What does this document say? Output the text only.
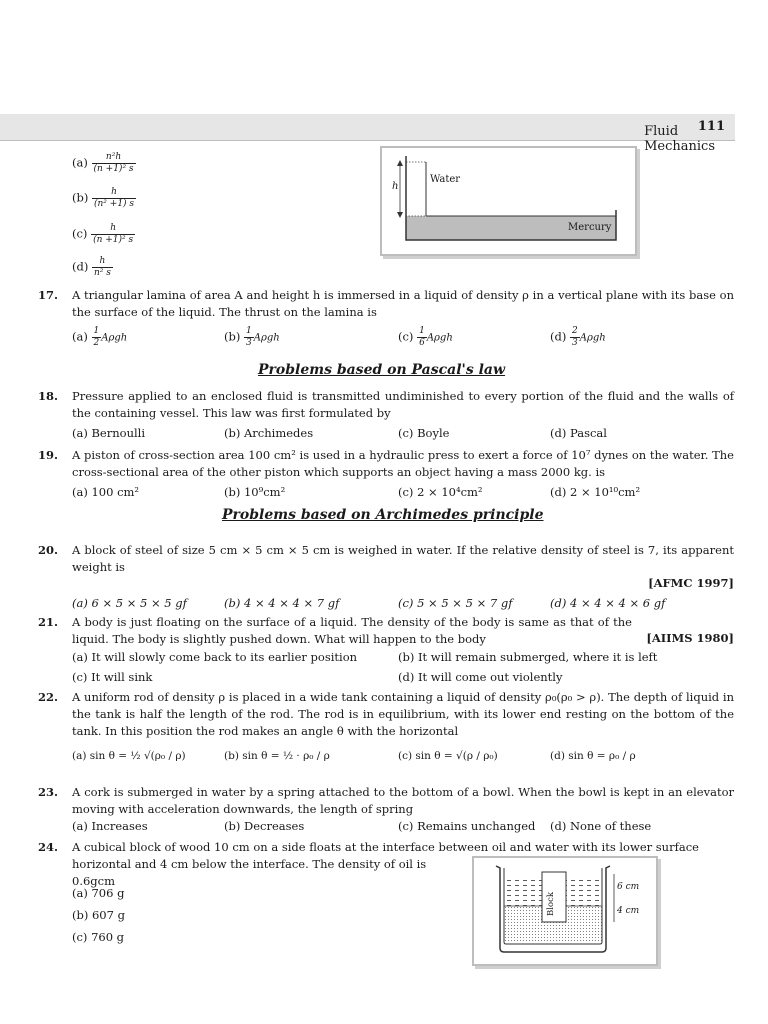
Fluid Mechanics
111
$(a) \frac{\text{n²h}}{\text{(n +1)² s}}$
$(b) \frac{h}{\text{(n² +1) s}}$
$(c) \frac{h}{\text{(n +1)² s}}$
$(d) \frac{h}{\text{n² s}}$
h
Water
Mercury
17. A triangular lamina of area A and height h is immersed in a liquid of density ρ in a vertical plane with its base on the surface of the liquid. The thrust on the lamina is
$(a) \frac{1}{2}$ Aρgh	$(b) \frac{1}{3}$ Aρgh	$(c) \frac{1}{6}$ Aρgh	$(d) \frac{2}{3}$ Aρgh
Problems based on Pascal's law
18. Pressure applied to an enclosed fluid is transmitted undiminished to every portion of the fluid and the walls of the containing vessel. This law was first formulated by
(a) Bernoulli	(b) Archimedes	(c) Boyle	(d) Pascal
19. A piston of cross-section area 100 cm² is used in a hydraulic press to exert a force of 10⁷ dynes on the water. The cross-sectional area of the other piston which supports an object having a mass 2000 kg. is
(a) 100 cm²	(b) 10⁹cm²	(c) 2 × 10⁴cm²	(d) 2 × 10¹⁰cm²
Problems based on Archimedes principle
20. A block of steel of size 5 cm × 5 cm × 5 cm is weighed in water. If the relative density of steel is 7, its apparent weight is
[AFMC 1997]
(a) 6 × 5 × 5 × 5 gf	(b) 4 × 4 × 4 × 7 gf	(c) 5 × 5 × 5 × 7 gf	(d) 4 × 4 × 4 × 6 gf
21. A body is just floating on the surface of a liquid. The density of the body is same as that of the liquid. The body is slightly pushed down. What will happen to the body	[AIIMS 1980]
(a) It will slowly come back to its earlier position	(b) It will remain submerged, where it is left
(c) It will sink	(d) It will come out violently
22. A uniform rod of density ρ is placed in a wide tank containing a liquid of density ρ₀(ρ₀ > ρ). The depth of liquid in the tank is half the length of the rod. The rod is in equilibrium, with its lower end resting on the bottom of the tank. In this position the rod makes an angle θ with the horizontal
(a) sin θ = ½ √(ρ₀ / ρ)	(b) sin θ = ½ · ρ₀ / ρ	(c) sin θ = √(ρ / ρ₀)	(d) sin θ = ρ₀ / ρ
23. A cork is submerged in water by a spring attached to the bottom of a bowl. When the bowl is kept in an elevator moving with acceleration downwards, the length of spring
(a) Increases	(b) Decreases	(c) Remains unchanged (d) None of these
24. A cubical block of wood 10 cm on a side floats at the interface between oil and water with its lower surface
horizontal and 4 cm below the interface. The density of oil is 0.6gcm
(a) 706 g
(b) 607 g
(c) 760 g
Block
6 cm
4 cm
